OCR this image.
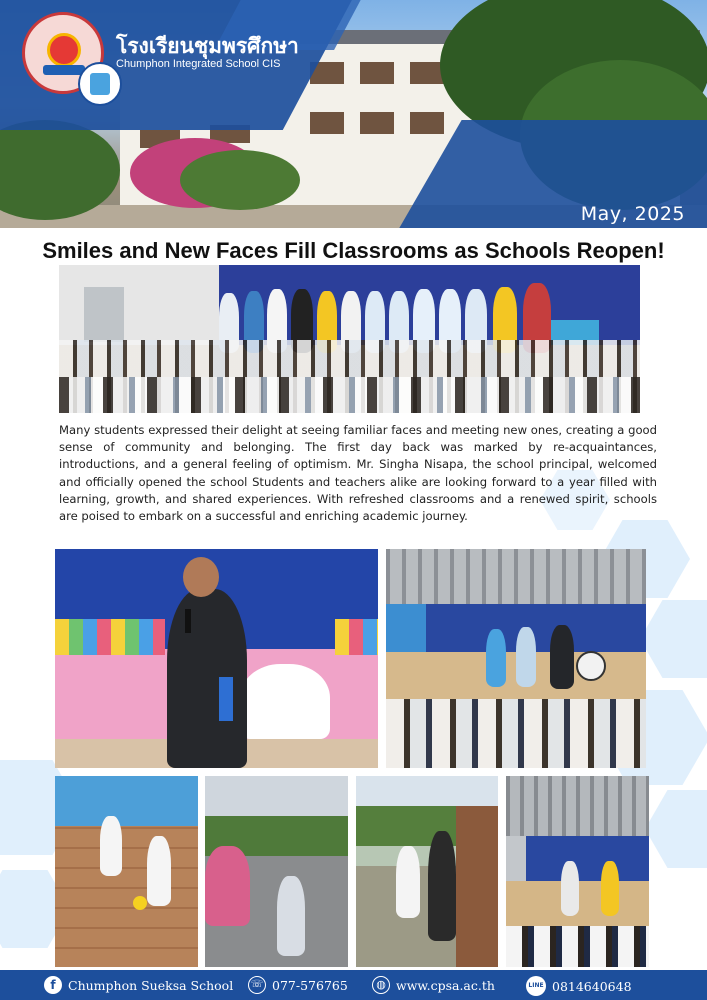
โรงเรียนชุมพรศึกษา
Chumphon Integrated School CIS
May, 2025
Smiles and New Faces Fill Classrooms as Schools Reopen!
Many students expressed their delight at seeing familiar faces and meeting new ones, creating a good sense of community and belonging. The first day back was marked by re-acquaintances, introductions, and a general feeling of optimism. Mr. Singha Nisapa, the school principal, welcomed and officially opened the school Students and teachers alike are looking forward to a year filled with learning, growth, and shared experiences. With refreshed classrooms and a renewed spirit, schools are poised to embark on a successful and enriching academic journey.
f Chumphon Sueksa School ☏ 077-576765	◍ www.cpsa.ac.th	LINE 0814640648
